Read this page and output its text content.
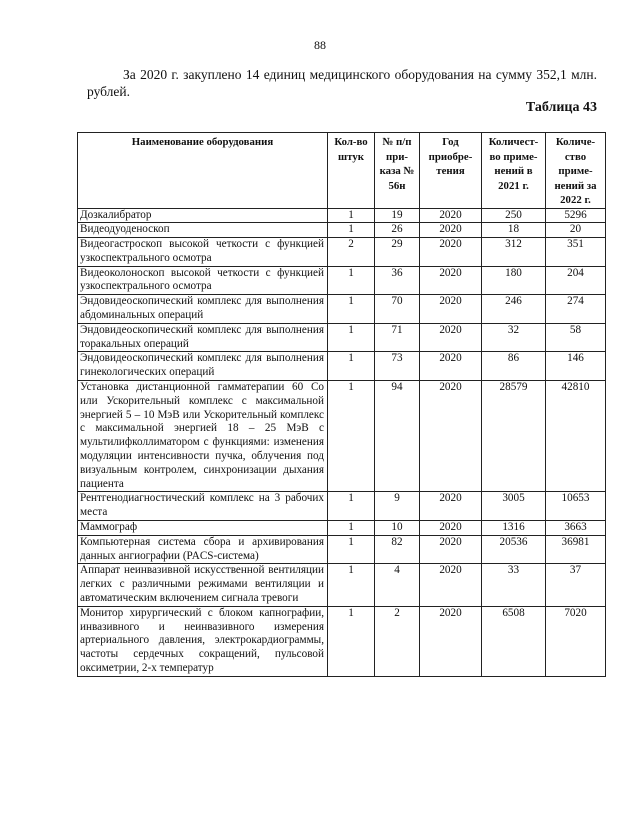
88

За 2020 г. закуплено 14 единиц медицинского оборудования на сумму 352,1 млн. рублей.

Таблица 43
Наименование оборудования	Кол-во штук	№ п/п при-каза № 56н	Год приобре-тения	Количест-во приме-нений в 2021 г.	Количе-ство приме-нений за 2022 г.
Дозкалибратор	1	19	2020	250	5296
Видеодуоденоскоп	1	26	2020	18	20
Видеогастроскоп высокой четкости с функцией узкоспектрального осмотра	2	29	2020	312	351
Видеоколоноскоп высокой четкости с функцией узкоспектрального осмотра	1	36	2020	180	204
Эндовидеоскопический комплекс для выполнения абдоминальных операций	1	70	2020	246	274
Эндовидеоскопический комплекс для выполнения торакальных операций	1	71	2020	32	58
Эндовидеоскопический комплекс для выполнения гинекологических операций	1	73	2020	86	146
Установка дистанционной гамматерапии 60 Со или Ускорительный комплекс с максимальной энергией 5 – 10 МэВ или Ускорительный комплекс с максимальной энергией 18 – 25 МэВ с мультилифколлиматором с функциями: изменения модуляции интенсивности пучка, облучения под визуальным контролем, синхронизации дыхания пациента	1	94	2020	28579	42810
Рентгенодиагностический комплекс на 3 рабочих места	1	9	2020	3005	10653
Маммограф	1	10	2020	1316	3663
Компьютерная система сбора и архивирования данных ангиографии (PACS-система)	1	82	2020	20536	36981
Аппарат неинвазивной искусственной вентиляции легких с различными режимами вентиляции и автоматическим включением сигнала тревоги	1	4	2020	33	37
Монитор хирургический с блоком капнографии, инвазивного и неинвазивного измерения артериального давления, электрокардиограммы, частоты сердечных сокращений, пульсовой оксиметрии, 2-х температур	1	2	2020	6508	7020
